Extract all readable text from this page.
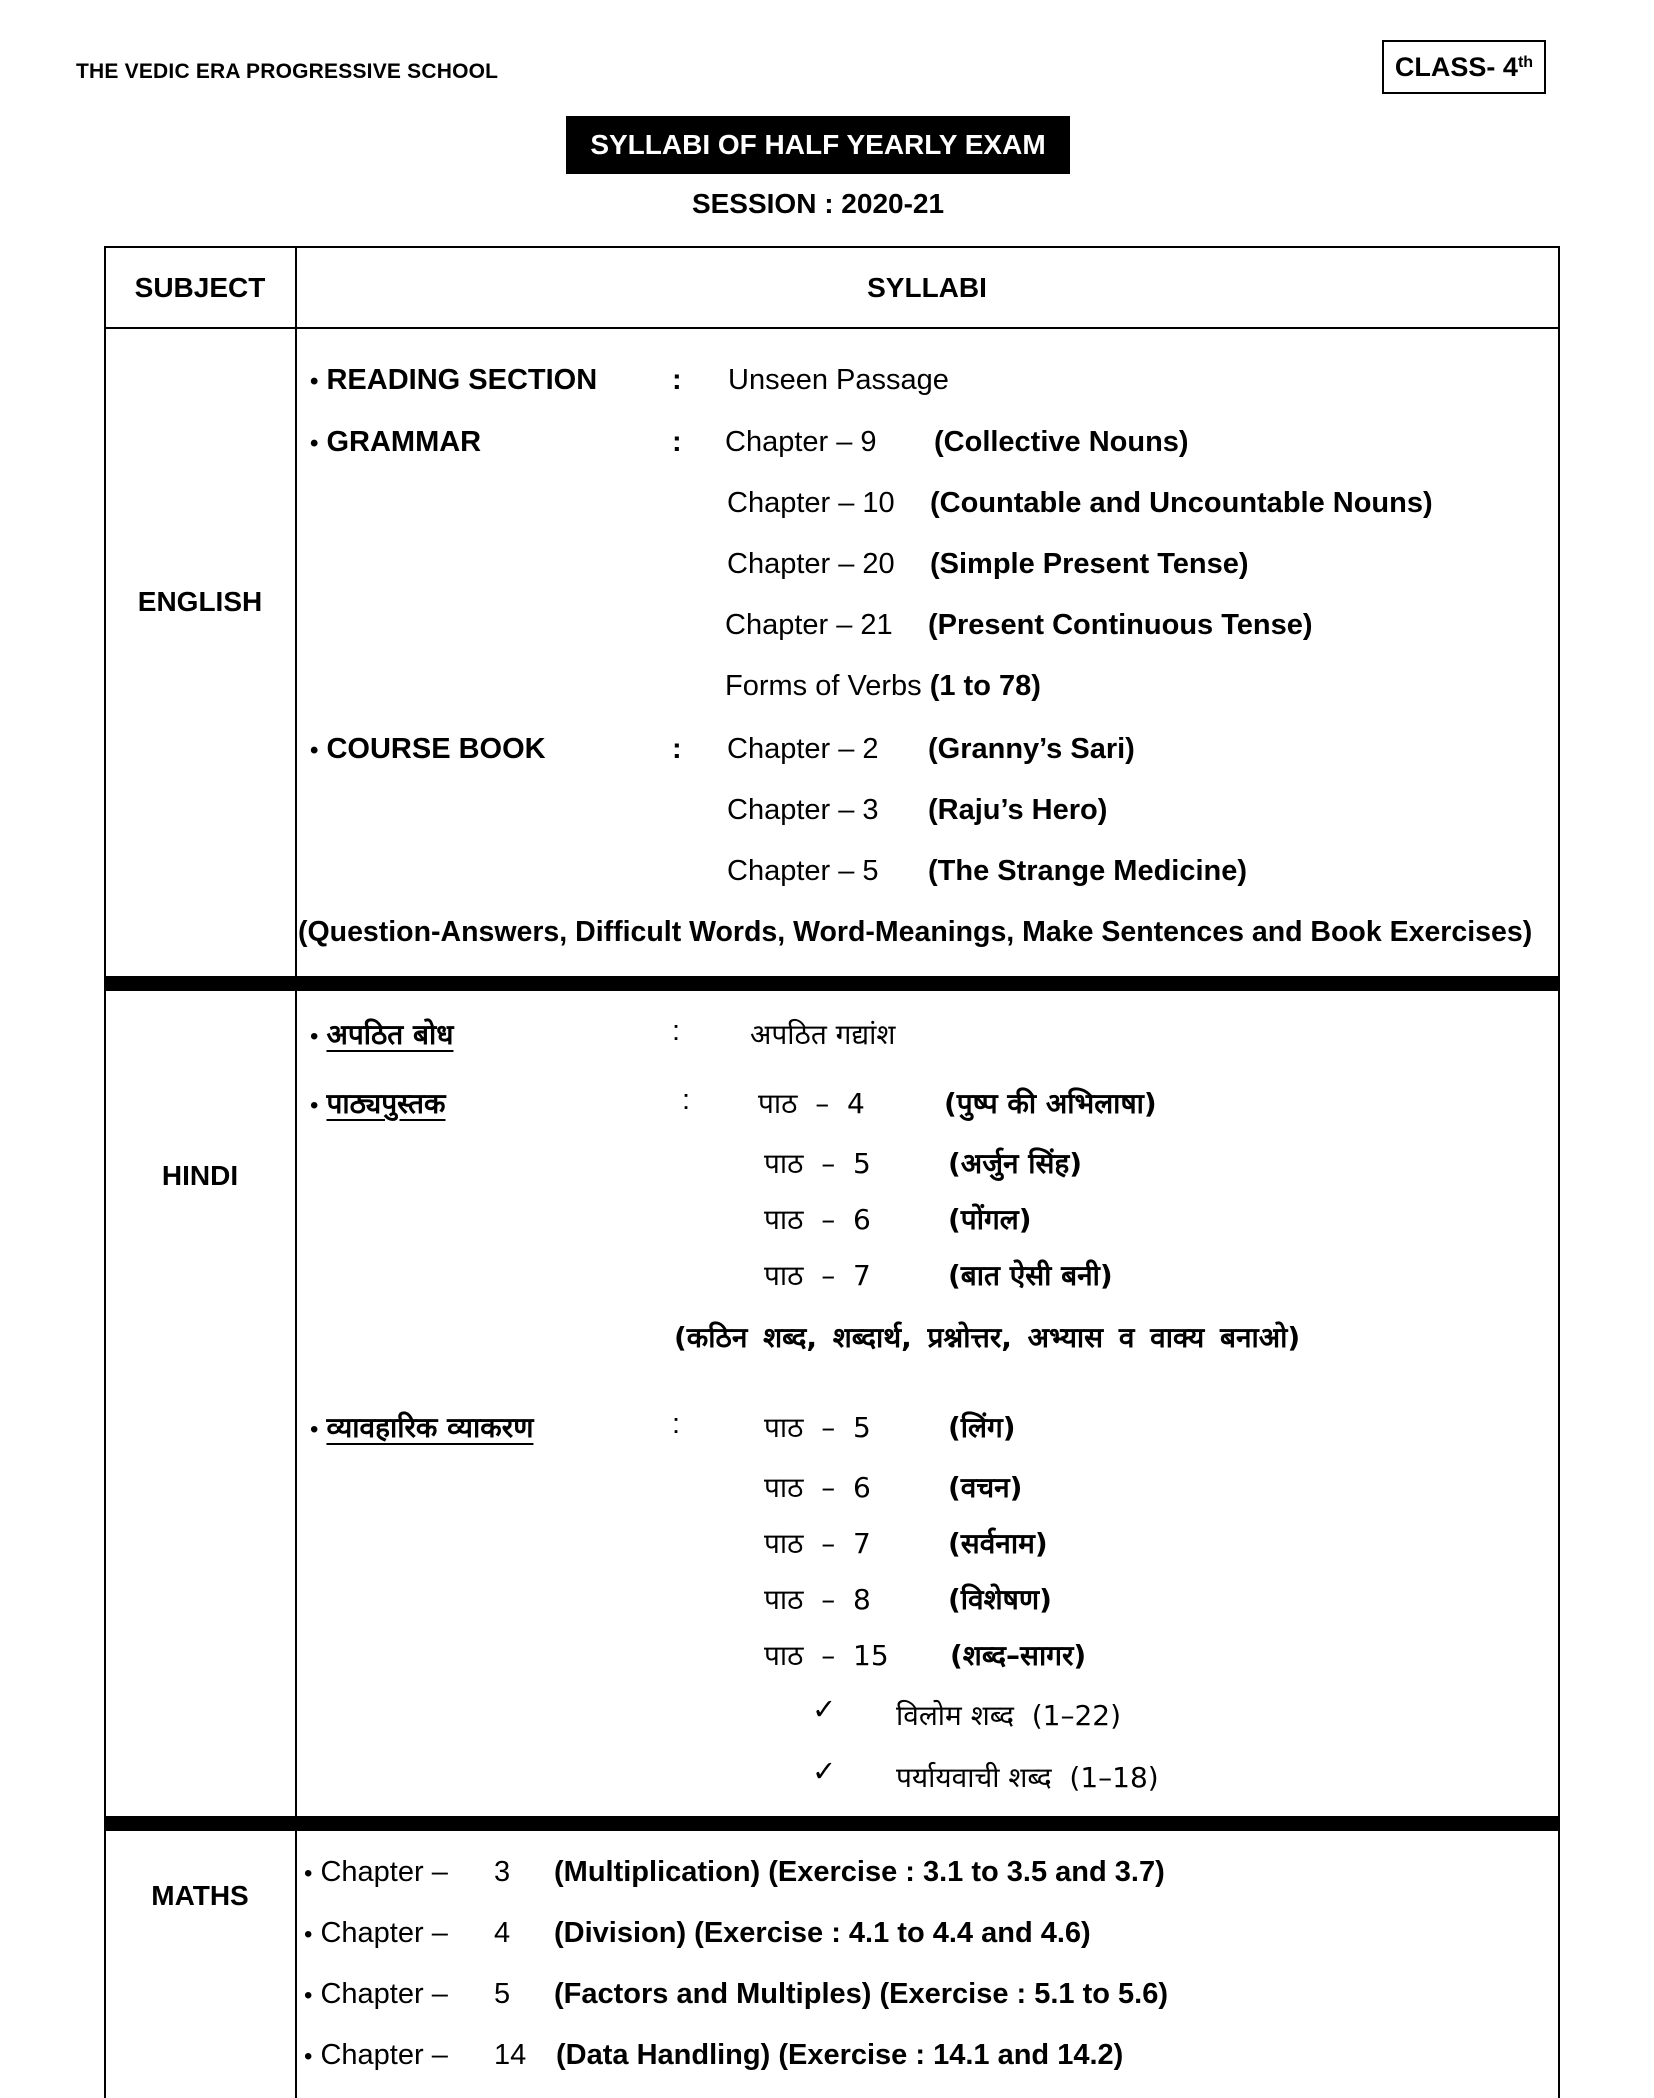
THE VEDIC ERA PROGRESSIVE SCHOOL	CLASS- 4th
SYLLABI OF HALF YEARLY EXAM
SESSION : 2020-21
SUBJECT	SYLLABI
ENGLISH
• READING SECTION	: Unseen Passage
• GRAMMAR	: Chapter – 9 (Collective Nouns)
Chapter – 10 (Countable and Uncountable Nouns)
Chapter – 20 (Simple Present Tense)
Chapter – 21 (Present Continuous Tense)
Forms of Verbs (1 to 78)
• COURSE BOOK	: Chapter – 2 (Granny’s Sari)
Chapter – 3 (Raju’s Hero)
Chapter – 5 (The Strange Medicine)
(Question-Answers, Difficult Words, Word-Meanings, Make Sentences and Book Exercises)
HINDI
• अपठित बोध	: अपठित गद्यांश
• पाठ्यपुस्तक	: पाठ  –  4	(पुष्प की अभिलाषा)
पाठ  –  5	(अर्जुन सिंह)
पाठ  –  6	(पोंगल)
पाठ  –  7	(बात ऐसी बनी)
(कठिन शब्द, शब्दार्थ, प्रश्नोत्तर, अभ्यास व वाक्य बनाओ)
• व्यावहारिक व्याकरण	:	पाठ  –  5	(लिंग)
पाठ  –  6	(वचन)
पाठ  –  7	(सर्वनाम)
पाठ  –  8	(विशेषण)
पाठ  –  15 (शब्द–सागर)
✓ विलोम शब्द  (1–22)
✓ पर्यायवाची शब्द  (1–18)
MATHS
• Chapter – 3 (Multiplication) (Exercise : 3.1 to 3.5 and 3.7)
• Chapter – 4 (Division) (Exercise : 4.1 to 4.4 and 4.6)
• Chapter – 5 (Factors and Multiples) (Exercise : 5.1 to 5.6)
• Chapter – 14 (Data Handling) (Exercise : 14.1 and 14.2)
